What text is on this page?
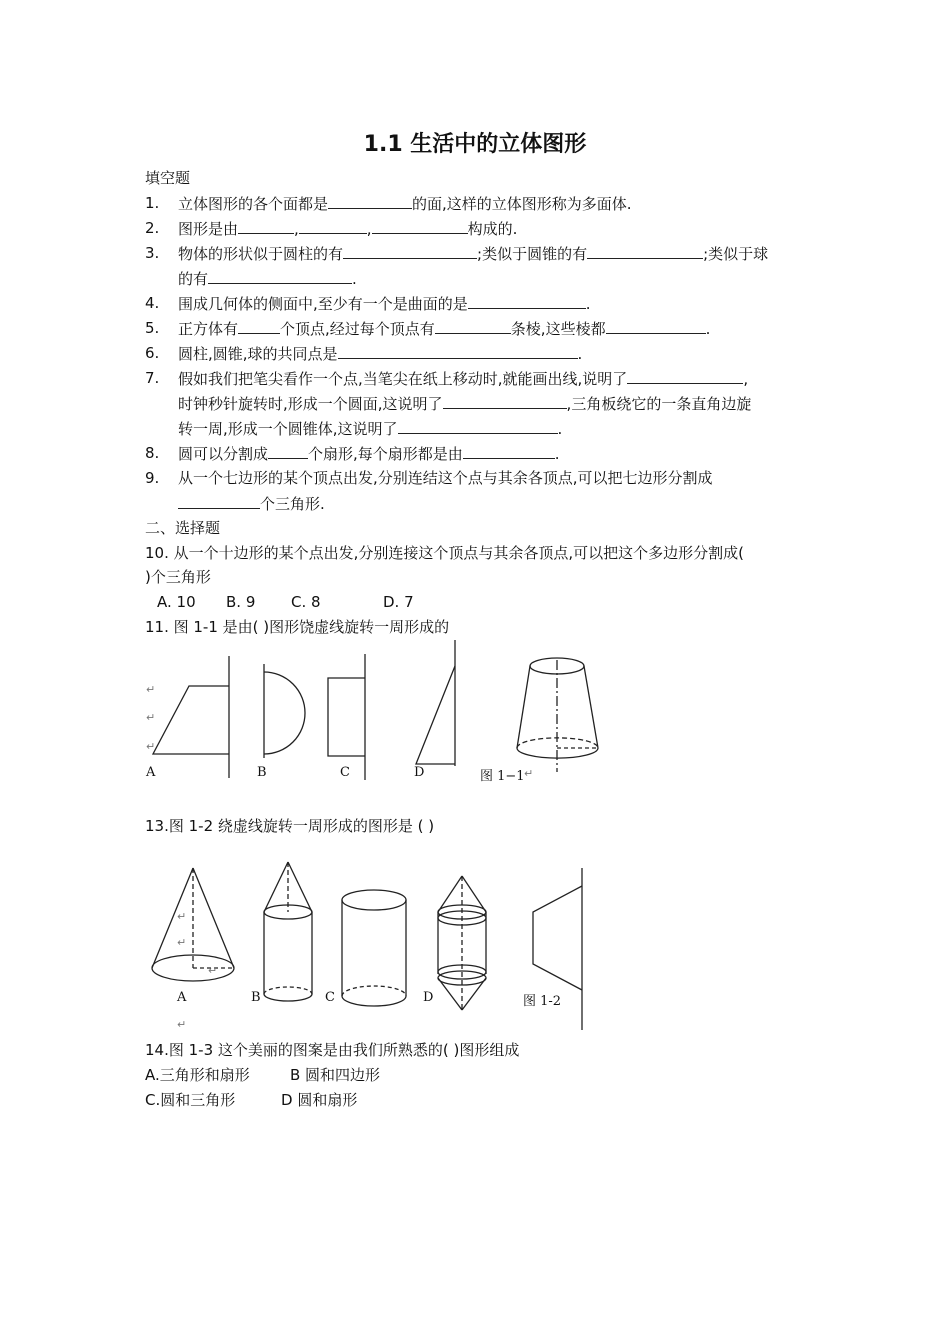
1.1 生活中的立体图形
填空题
1. 立体图形的各个面都是	的面,这样的立体图形称为多面体.
2. 图形是由	,	,	构成的.
3. 物体的形状似于圆柱的有	;类似于圆锥的有	;类似于球
的有	.
4. 围成几何体的侧面中,至少有一个是曲面的是	.
5. 正方体有	个顶点,经过每个顶点有	条棱,这些棱都	.
6. 圆柱,圆锥,球的共同点是	.
7. 假如我们把笔尖看作一个点,当笔尖在纸上移动时,就能画出线,说明了	,
时钟秒针旋转时,形成一个圆面,这说明了	,三角板绕它的一条直角边旋
转一周,形成一个圆锥体,这说明了	.
8. 圆可以分割成	个扇形,每个扇形都是由	.
9. 从一个七边形的某个顶点出发,分别连结这个点与其余各顶点,可以把七边形分割成
个三角形.
二、选择题
10. 从一个十边形的某个点出发,分别连接这个顶点与其余各顶点,可以把这个多边形分割成(
)个三角形
A. 10 B. 9 C. 8	D. 7
11. 图 1-1 是由( )图形饶虚线旋转一周形成的
A	B	C	D	图 1−1
↵
↵
↵
↵
13.图 1-2 绕虚线旋转一周形成的图形是 ( )
A	B	C	D	图 1-2
↵
↵
↵
↵
14.图 1-3 这个美丽的图案是由我们所熟悉的( )图形组成
A.三角形和扇形	B 圆和四边形
C.圆和三角形	D 圆和扇形
